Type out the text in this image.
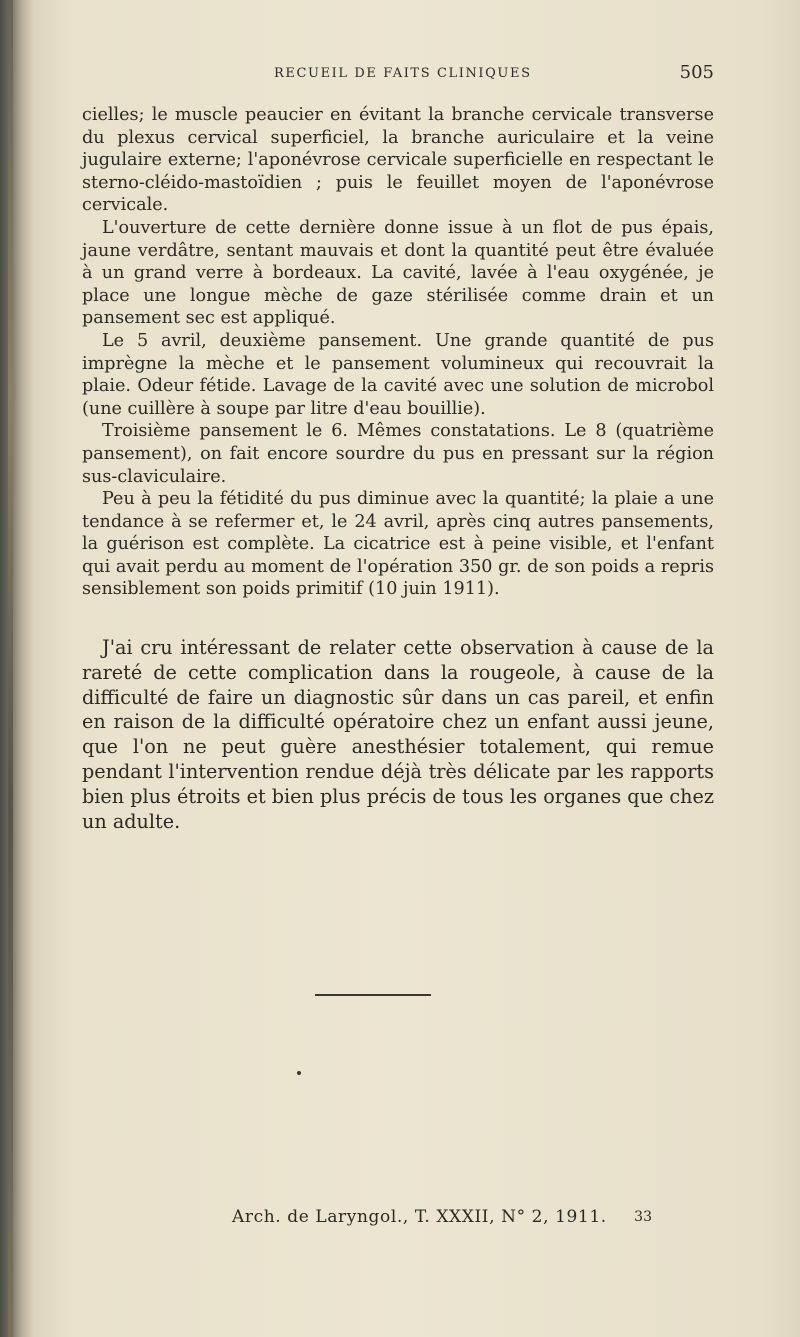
RECUEIL DE FAITS CLINIQUES	505

cielles; le muscle peaucier en évitant la branche cervicale transverse du plexus cervical superficiel, la branche auriculaire et la veine jugulaire externe; l'aponévrose cervicale superficielle en respectant le sterno-cléido-mastoïdien ; puis le feuillet moyen de l'aponévrose cervicale.

L'ouverture de cette dernière donne issue à un flot de pus épais, jaune verdâtre, sentant mauvais et dont la quantité peut être évaluée à un grand verre à bordeaux. La cavité, lavée à l'eau oxygénée, je place une longue mèche de gaze stérilisée comme drain et un pansement sec est appliqué.

Le 5 avril, deuxième pansement. Une grande quantité de pus imprègne la mèche et le pansement volumineux qui recouvrait la plaie. Odeur fétide. Lavage de la cavité avec une solution de microbol (une cuillère à soupe par litre d'eau bouillie).

Troisième pansement le 6. Mêmes constatations. Le 8 (quatrième pansement), on fait encore sourdre du pus en pressant sur la région sus-claviculaire.

Peu à peu la fétidité du pus diminue avec la quantité; la plaie a une tendance à se refermer et, le 24 avril, après cinq autres pansements, la guérison est complète. La cicatrice est à peine visible, et l'enfant qui avait perdu au moment de l'opération 350 gr. de son poids a repris sensiblement son poids primitif (10 juin 1911).

J'ai cru intéressant de relater cette observation à cause de la rareté de cette complication dans la rougeole, à cause de la difficulté de faire un diagnostic sûr dans un cas pareil, et enfin en raison de la difficulté opératoire chez un enfant aussi jeune, que l'on ne peut guère anesthésier totalement, qui remue pendant l'intervention rendue déjà très délicate par les rapports bien plus étroits et bien plus précis de tous les organes que chez un adulte.

Arch. de Laryngol., T. XXXII, N° 2, 1911. 33
